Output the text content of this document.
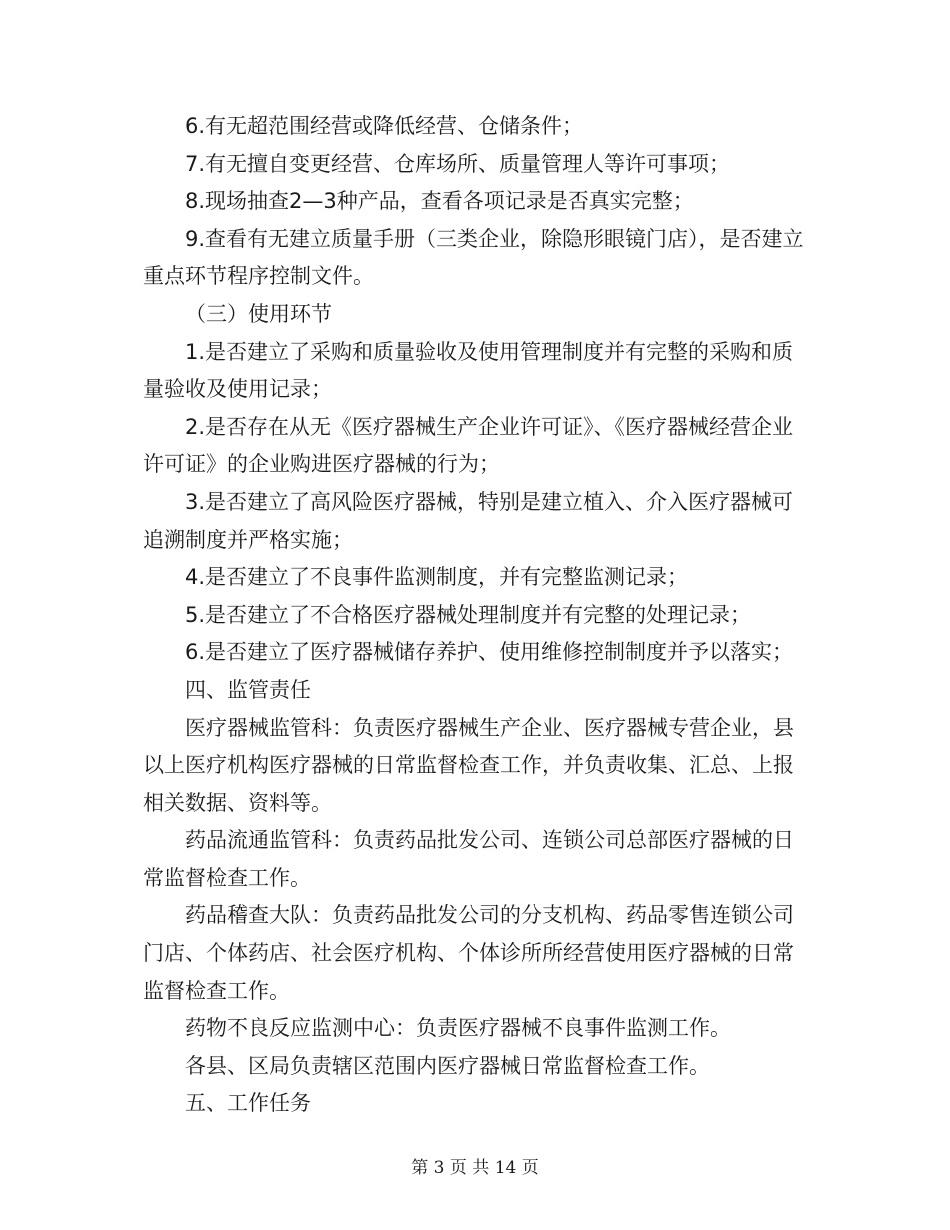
6.有无超范围经营或降低经营、仓储条件；

7.有无擅自变更经营、仓库场所、质量管理人等许可事项；

8.现场抽查2—3种产品，查看各项记录是否真实完整；

9.查看有无建立质量手册（三类企业，除隐形眼镜门店），是否建立重点环节程序控制文件。

（三）使用环节

1.是否建立了采购和质量验收及使用管理制度并有完整的采购和质量验收及使用记录；

2.是否存在从无《医疗器械生产企业许可证》、《医疗器械经营企业许可证》的企业购进医疗器械的行为；

3.是否建立了高风险医疗器械，特别是建立植入、介入医疗器械可追溯制度并严格实施；

4.是否建立了不良事件监测制度，并有完整监测记录；

5.是否建立了不合格医疗器械处理制度并有完整的处理记录；

6.是否建立了医疗器械储存养护、使用维修控制制度并予以落实；

四、监管责任

医疗器械监管科：负责医疗器械生产企业、医疗器械专营企业，县以上医疗机构医疗器械的日常监督检查工作，并负责收集、汇总、上报相关数据、资料等。

药品流通监管科：负责药品批发公司、连锁公司总部医疗器械的日常监督检查工作。

药品稽查大队：负责药品批发公司的分支机构、药品零售连锁公司门店、个体药店、社会医疗机构、个体诊所所经营使用医疗器械的日常监督检查工作。

药物不良反应监测中心：负责医疗器械不良事件监测工作。

各县、区局负责辖区范围内医疗器械日常监督检查工作。

五、工作任务

第 3 页 共 14 页
